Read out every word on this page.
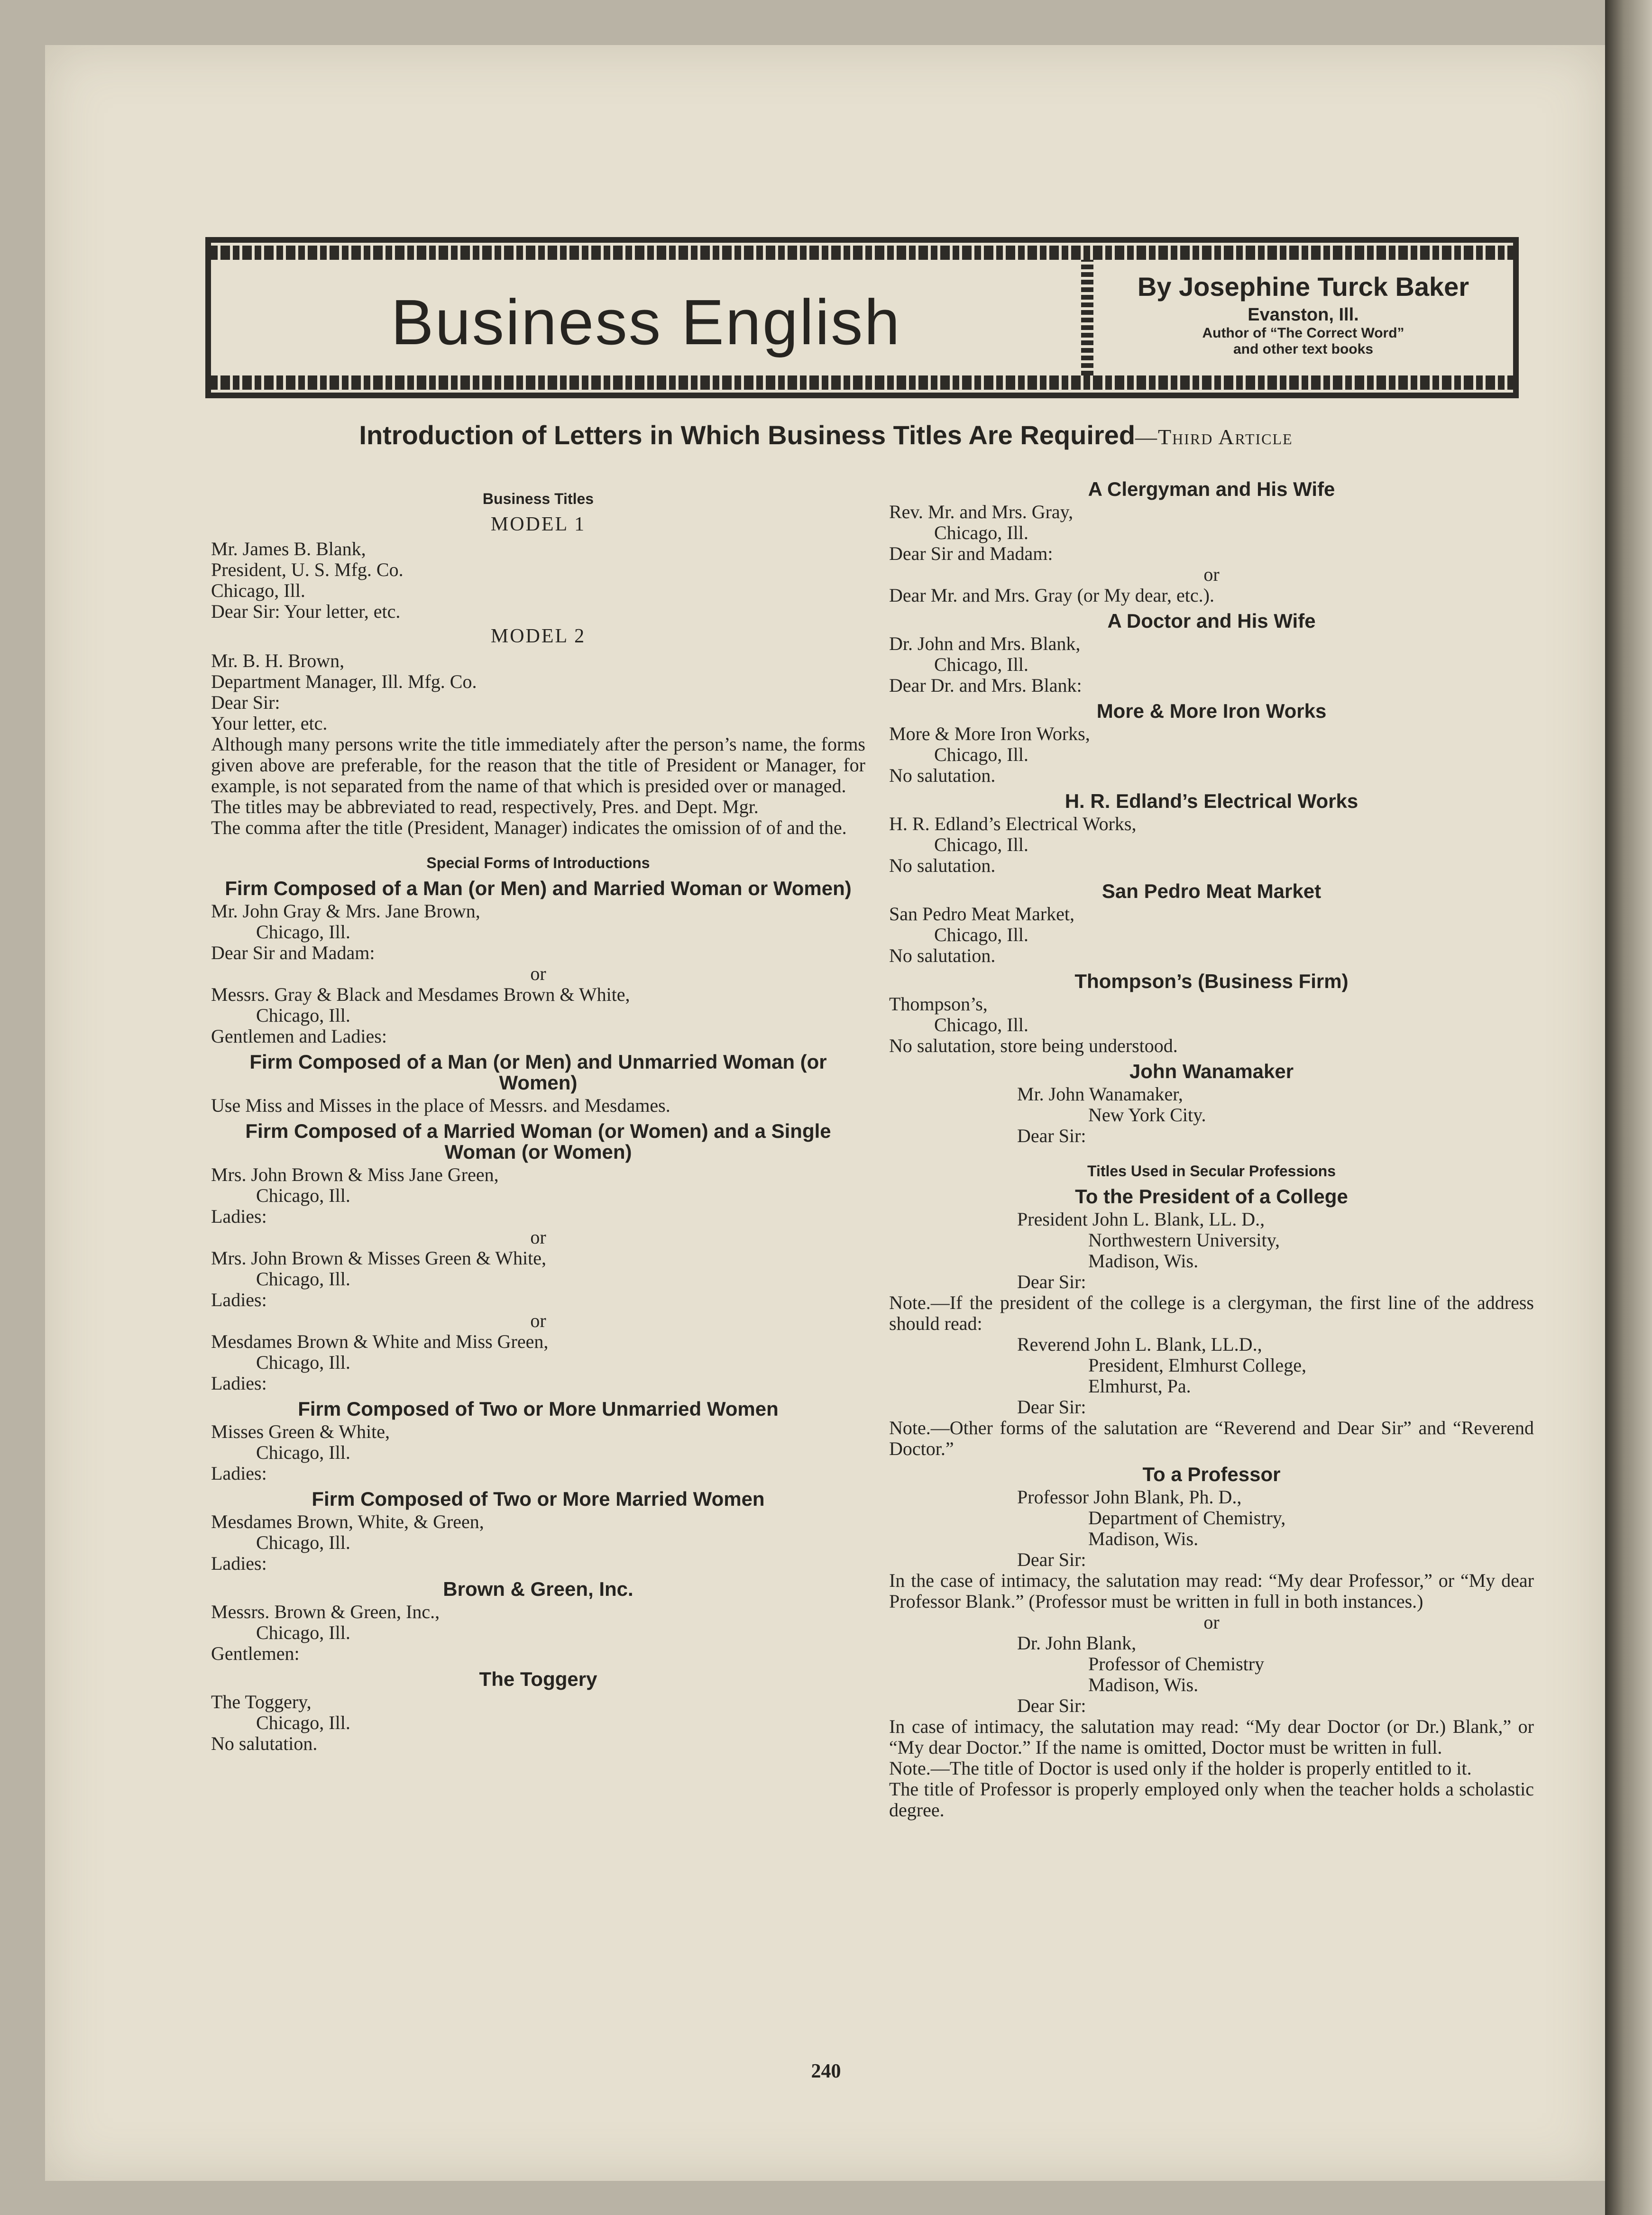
Business English	By Josephine Turck Baker
Evanston, Ill.
Author of “The Correct Word”
and other text books
Introduction of Letters in Which Business Titles Are Required—Third Article
Business Titles
MODEL 1
Mr. James B. Blank,
President, U. S. Mfg. Co.
Chicago, Ill.
Dear Sir: Your letter, etc.
MODEL 2
Mr. B. H. Brown,
Department Manager, Ill. Mfg. Co.
Dear Sir:
Your letter, etc.
Although many persons write the title immediately after the person’s name, the forms given above are preferable, for the reason that the title of President or Manager, for example, is not separated from the name of that which is presided over or managed.
The titles may be abbreviated to read, respectively, Pres. and Dept. Mgr.
The comma after the title (President, Manager) indicates the omission of of and the.
Special Forms of Introductions
Firm Composed of a Man (or Men) and Married Woman or Women)
Mr. John Gray & Mrs. Jane Brown,
Chicago, Ill.
Dear Sir and Madam:
or
Messrs. Gray & Black and Mesdames Brown & White,
Chicago, Ill.
Gentlemen and Ladies:
Firm Composed of a Man (or Men) and Unmarried Woman (or Women)
Use Miss and Misses in the place of Messrs. and Mesdames.
Firm Composed of a Married Woman (or Women) and a Single Woman (or Women)
Mrs. John Brown & Miss Jane Green,
Chicago, Ill.
Ladies:
or
Mrs. John Brown & Misses Green & White,
Chicago, Ill.
Ladies:
or
Mesdames Brown & White and Miss Green,
Chicago, Ill.
Ladies:
Firm Composed of Two or More Unmarried Women
Misses Green & White,
Chicago, Ill.
Ladies:
Firm Composed of Two or More Married Women
Mesdames Brown, White, & Green,
Chicago, Ill.
Ladies:
Brown & Green, Inc.
Messrs. Brown & Green, Inc.,
Chicago, Ill.
Gentlemen:
The Toggery
The Toggery,
Chicago, Ill.
No salutation.
A Clergyman and His Wife
Rev. Mr. and Mrs. Gray,
Chicago, Ill.
Dear Sir and Madam:
or
Dear Mr. and Mrs. Gray (or My dear, etc.).
A Doctor and His Wife
Dr. John and Mrs. Blank,
Chicago, Ill.
Dear Dr. and Mrs. Blank:
More & More Iron Works
More & More Iron Works,
Chicago, Ill.
No salutation.
H. R. Edland’s Electrical Works
H. R. Edland’s Electrical Works,
Chicago, Ill.
No salutation.
San Pedro Meat Market
San Pedro Meat Market,
Chicago, Ill.
No salutation.
Thompson’s (Business Firm)
Thompson’s,
Chicago, Ill.
No salutation, store being understood.
John Wanamaker
Mr. John Wanamaker,
New York City.
Dear Sir:
Titles Used in Secular Professions
To the President of a College
President John L. Blank, LL. D.,
Northwestern University,
Madison, Wis.
Dear Sir:
Note.—If the president of the college is a clergyman, the first line of the address should read:
Reverend John L. Blank, LL.D.,
President, Elmhurst College,
Elmhurst, Pa.
Dear Sir:
Note.—Other forms of the salutation are “Reverend and Dear Sir” and “Reverend Doctor.”
To a Professor
Professor John Blank, Ph. D.,
Department of Chemistry,
Madison, Wis.
Dear Sir:
In the case of intimacy, the salutation may read: “My dear Professor,” or “My dear Professor Blank.” (Professor must be written in full in both instances.)
or
Dr. John Blank,
Professor of Chemistry
Madison, Wis.
Dear Sir:
In case of intimacy, the salutation may read: “My dear Doctor (or Dr.) Blank,” or “My dear Doctor.” If the name is omitted, Doctor must be written in full.
Note.—The title of Doctor is used only if the holder is properly entitled to it.
The title of Professor is properly employed only when the teacher holds a scholastic degree.
240
